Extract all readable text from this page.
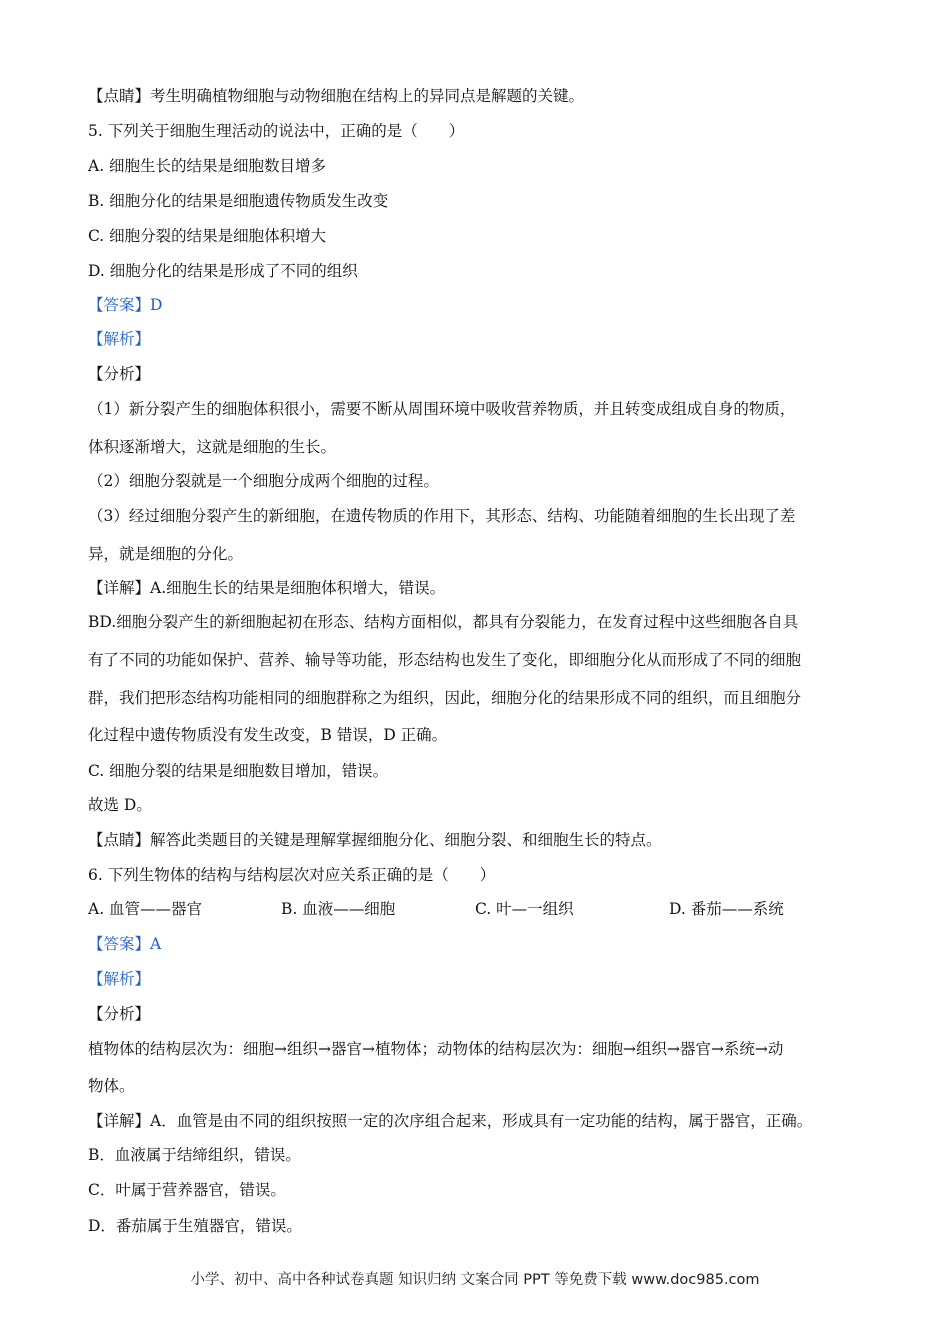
【点睛】考生明确植物细胞与动物细胞在结构上的异同点是解题的关键。
5. 下列关于细胞生理活动的说法中，正确的是（　　）
A. 细胞生长的结果是细胞数目增多
B. 细胞分化的结果是细胞遗传物质发生改变
C. 细胞分裂的结果是细胞体积增大
D. 细胞分化的结果是形成了不同的组织
【答案】D
【解析】
【分析】
（1）新分裂产生的细胞体积很小，需要不断从周围环境中吸收营养物质，并且转变成组成自身的物质，
体积逐渐增大，这就是细胞的生长。
（2）细胞分裂就是一个细胞分成两个细胞的过程。
（3）经过细胞分裂产生的新细胞，在遗传物质的作用下，其形态、结构、功能随着细胞的生长出现了差
异，就是细胞的分化。
【详解】A.细胞生长的结果是细胞体积增大，错误。
BD.细胞分裂产生的新细胞起初在形态、结构方面相似，都具有分裂能力，在发育过程中这些细胞各自具
有了不同的功能如保护、营养、输导等功能，形态结构也发生了变化，即细胞分化从而形成了不同的细胞
群，我们把形态结构功能相同的细胞群称之为组织，因此，细胞分化的结果形成不同的组织，而且细胞分
化过程中遗传物质没有发生改变，B 错误，D 正确。
C. 细胞分裂的结果是细胞数目增加，错误。
故选 D。
【点睛】解答此类题目的关键是理解掌握细胞分化、细胞分裂、和细胞生长的特点。
6. 下列生物体的结构与结构层次对应关系正确的是（　　）
A. 血管——器官	B. 血液——细胞	C. 叶—一组织	D. 番茄——系统
【答案】A
【解析】
【分析】
植物体的结构层次为：细胞→组织→器官→植物体；动物体的结构层次为：细胞→组织→器官→系统→动
物体。
【详解】A．血管是由不同的组织按照一定的次序组合起来，形成具有一定功能的结构，属于器官，正确。
B．血液属于结缔组织，错误。
C．叶属于营养器官，错误。
D．番茄属于生殖器官，错误。
小学、初中、高中各种试卷真题 知识归纳 文案合同 PPT 等免费下载 www.doc985.com
